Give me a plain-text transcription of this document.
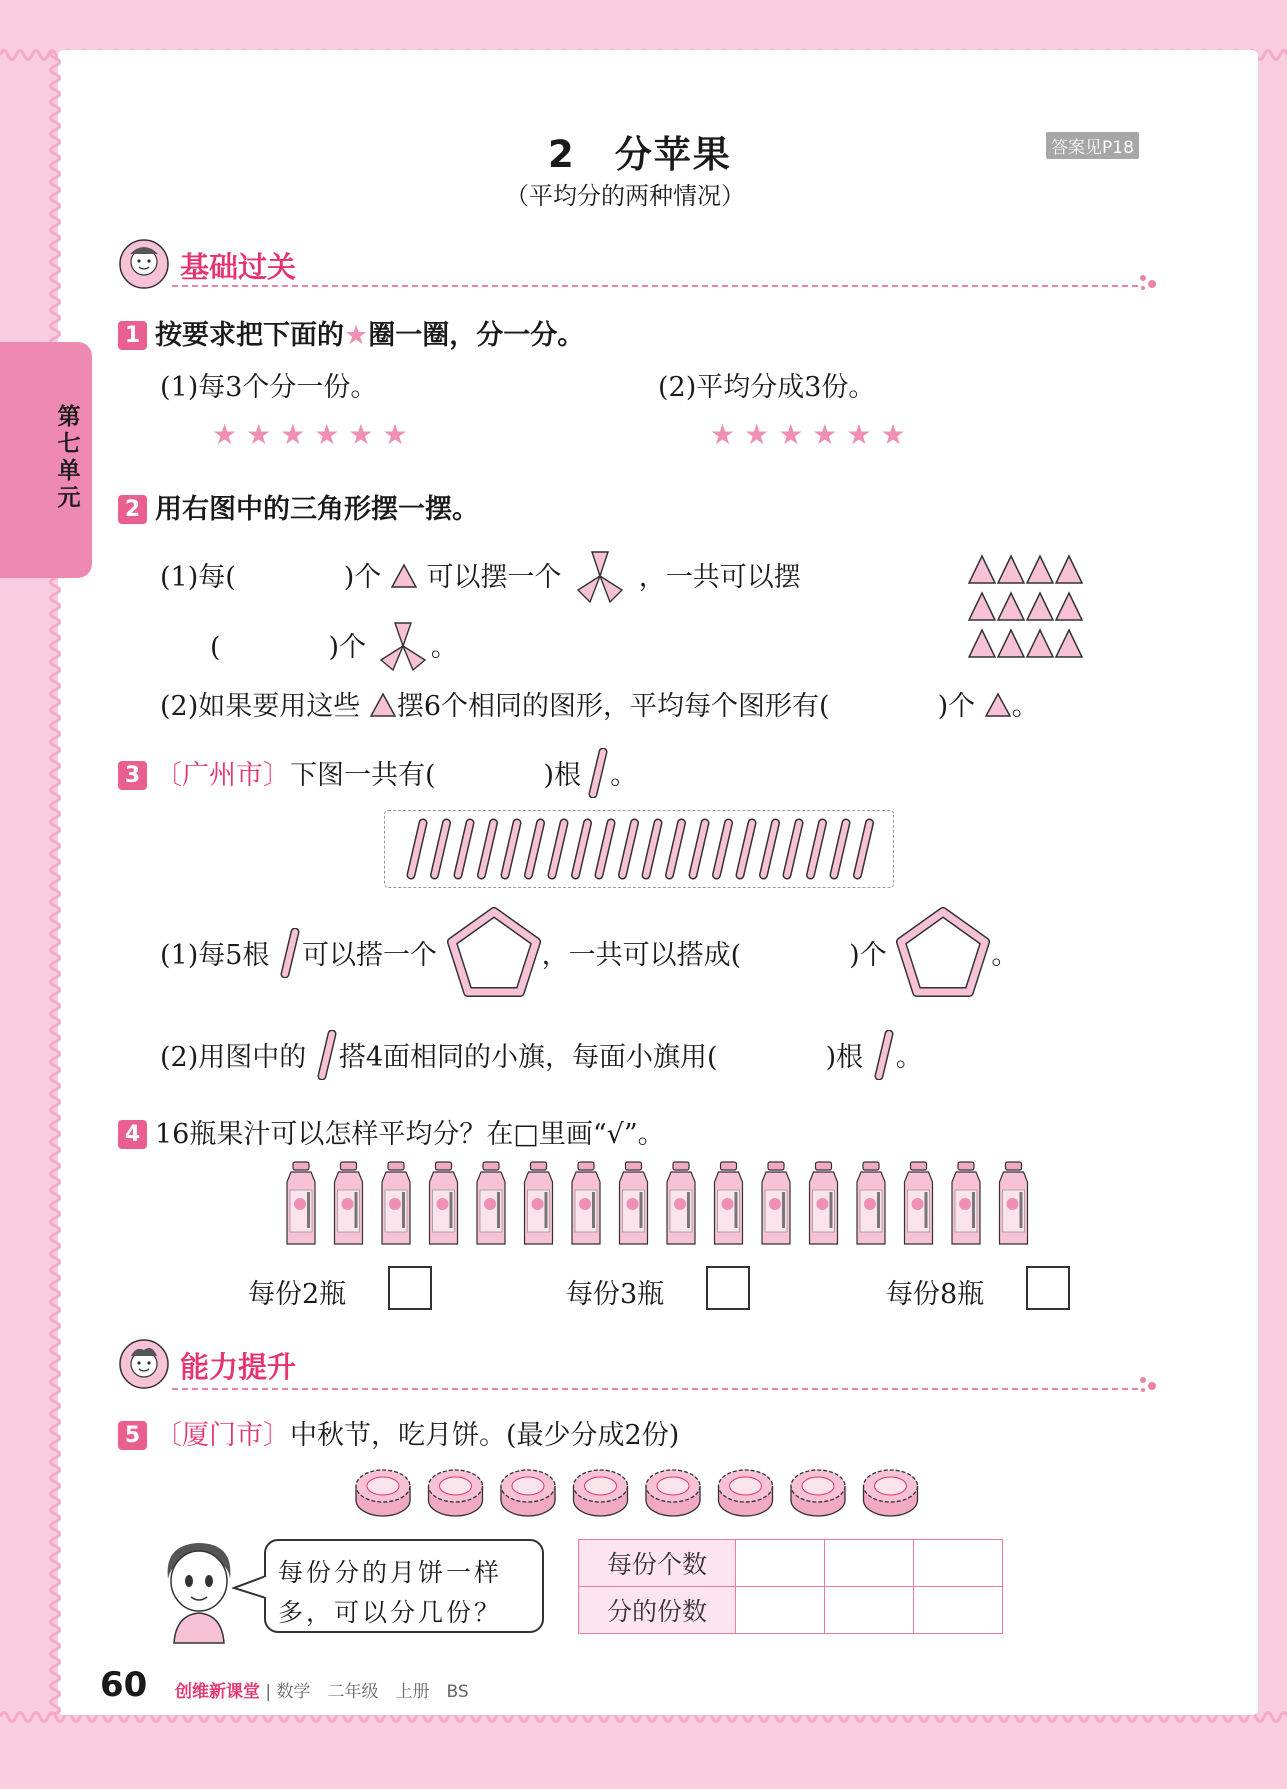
第七单元
2　分苹果
（平均分的两种情况）
答案见P18
基础过关
1 按要求把下面的★圈一圈，分一分。
(1)每3个分一份。	(2)平均分成3份。
★★★★★★	★★★★★★
2 用右图中的三角形摆一摆。
(1)每(	)个 可以摆一个	，一共可以摆
(	)个 。
(2)如果要用这些 摆6个相同的图形，平均每个图形有(	)个 。
3 〔广州市〕下图一共有(	)根 。
(1)每5根 可以搭一个	，一共可以搭成(	)个	。
(2)用图中的 搭4面相同的小旗，每面小旗用(	)根 。
4 16瓶果汁可以怎样平均分？在□里画“√”。
每份2瓶	每份3瓶	每份8瓶
能力提升
5 〔厦门市〕中秋节，吃月饼。(最少分成2份)
每份分的月饼一样
多，可以分几份？
每份个数			
分的份数			
60 创维新课堂 | 数学　二年级　上册　BS
